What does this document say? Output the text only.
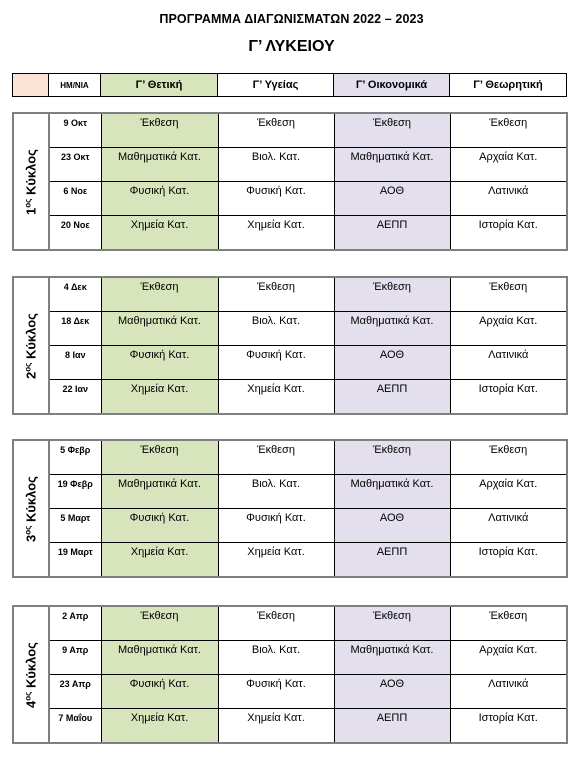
ΠΡΟΓΡΑΜΜΑ ΔΙΑΓΩΝΙΣΜΑΤΩΝ 2022 – 2023
Γ’ ΛΥΚΕΙΟΥ
	ΗΜ/ΝΙΑ	Γ’ Θετική	Γ’ Υγείας	Γ’ Οικονομικά	Γ’ Θεωρητική
$1^{o\varsigma}$ Κύκλος	9 Οκτ	Έκθεση	Έκθεση	Έκθεση	Έκθεση

	23 Οκτ	Μαθηματικά Κατ.	Βιολ. Κατ.	Μαθηματικά Κατ.	Αρχαία Κατ.

	6 Νοε	Φυσική Κατ.	Φυσική Κατ.	ΑΟΘ	Λατινικά

	20 Νοε	Χημεία Κατ.	Χημεία Κατ.	ΑΕΠΠ	Ιστορία Κατ.

$2^{o\varsigma}$ Κύκλος	4 Δεκ	Έκθεση	Έκθεση	Έκθεση	Έκθεση

	18 Δεκ	Μαθηματικά Κατ.	Βιολ. Κατ.	Μαθηματικά Κατ.	Αρχαία Κατ.

	8 Ιαν	Φυσική Κατ.	Φυσική Κατ.	ΑΟΘ	Λατινικά

	22 Ιαν	Χημεία Κατ.	Χημεία Κατ.	ΑΕΠΠ	Ιστορία Κατ.

$3^{o\varsigma}$ Κύκλος	5 Φεβρ	Έκθεση	Έκθεση	Έκθεση	Έκθεση

	19 Φεβρ	Μαθηματικά Κατ.	Βιολ. Κατ.	Μαθηματικά Κατ.	Αρχαία Κατ.

	5 Μαρτ	Φυσική Κατ.	Φυσική Κατ.	ΑΟΘ	Λατινικά

	19 Μαρτ	Χημεία Κατ.	Χημεία Κατ.	ΑΕΠΠ	Ιστορία Κατ.

$4^{o\varsigma}$ Κύκλος	2 Απρ	Έκθεση	Έκθεση	Έκθεση	Έκθεση

	9 Απρ	Μαθηματικά Κατ.	Βιολ. Κατ.	Μαθηματικά Κατ.	Αρχαία Κατ.

	23 Απρ	Φυσική Κατ.	Φυσική Κατ.	ΑΟΘ	Λατινικά

	7 Μαΐου	Χημεία Κατ.	Χημεία Κατ.	ΑΕΠΠ	Ιστορία Κατ.
